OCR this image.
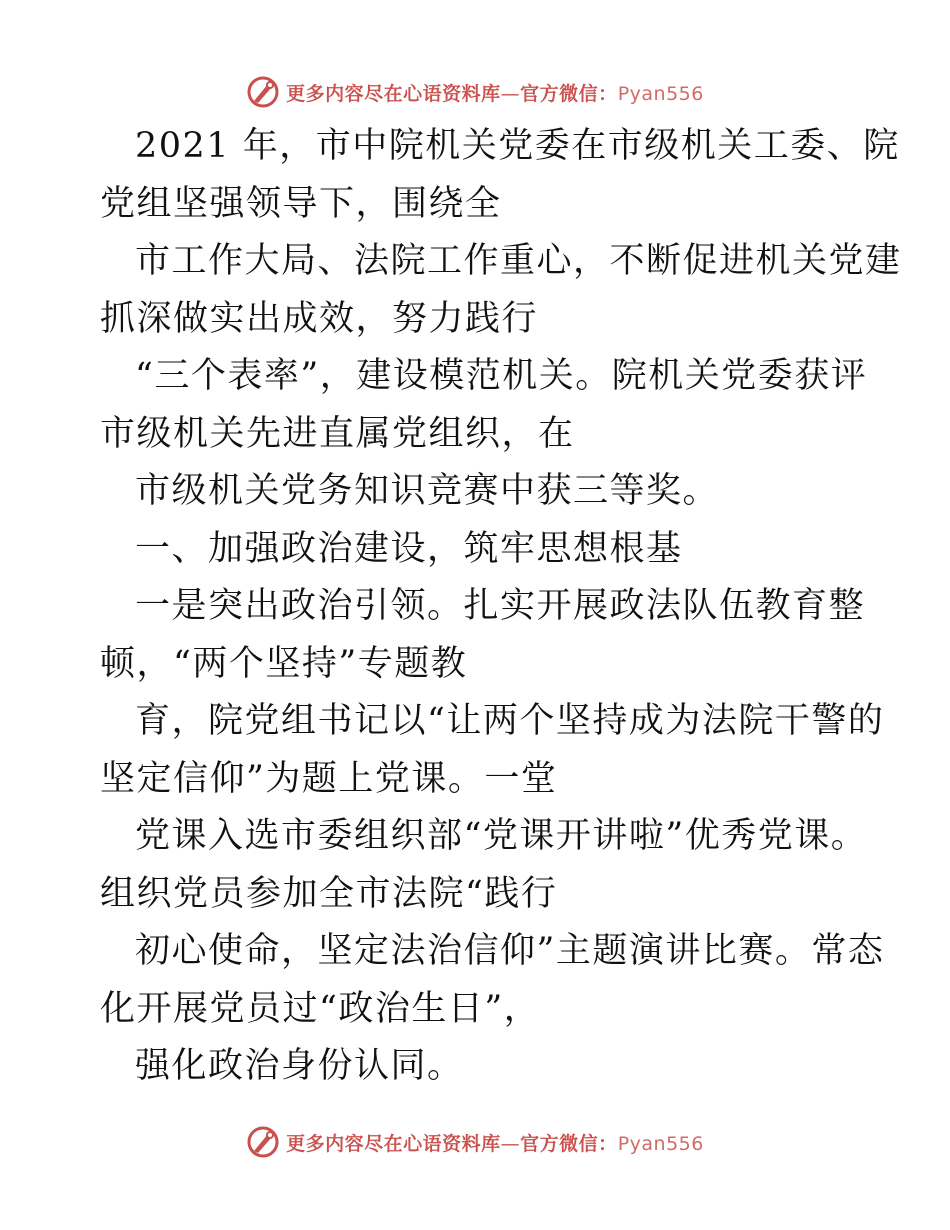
更多内容尽在心语资料库—官方微信：Pyan556
2021 年，市中院机关党委在市级机关工委、院
党组坚强领导下，围绕全
市工作大局、法院工作重心，不断促进机关党建
抓深做实出成效，努力践行
“三个表率”，建设模范机关。院机关党委获评
市级机关先进直属党组织，在
市级机关党务知识竞赛中获三等奖。
一、加强政治建设，筑牢思想根基
一是突出政治引领。扎实开展政法队伍教育整
顿，“两个坚持”专题教
育，院党组书记以“让两个坚持成为法院干警的
坚定信仰”为题上党课。一堂
党课入选市委组织部“党课开讲啦”优秀党课。
组织党员参加全市法院“践行
初心使命，坚定法治信仰”主题演讲比赛。常态
化开展党员过“政治生日”，
强化政治身份认同。
更多内容尽在心语资料库—官方微信：Pyan556
